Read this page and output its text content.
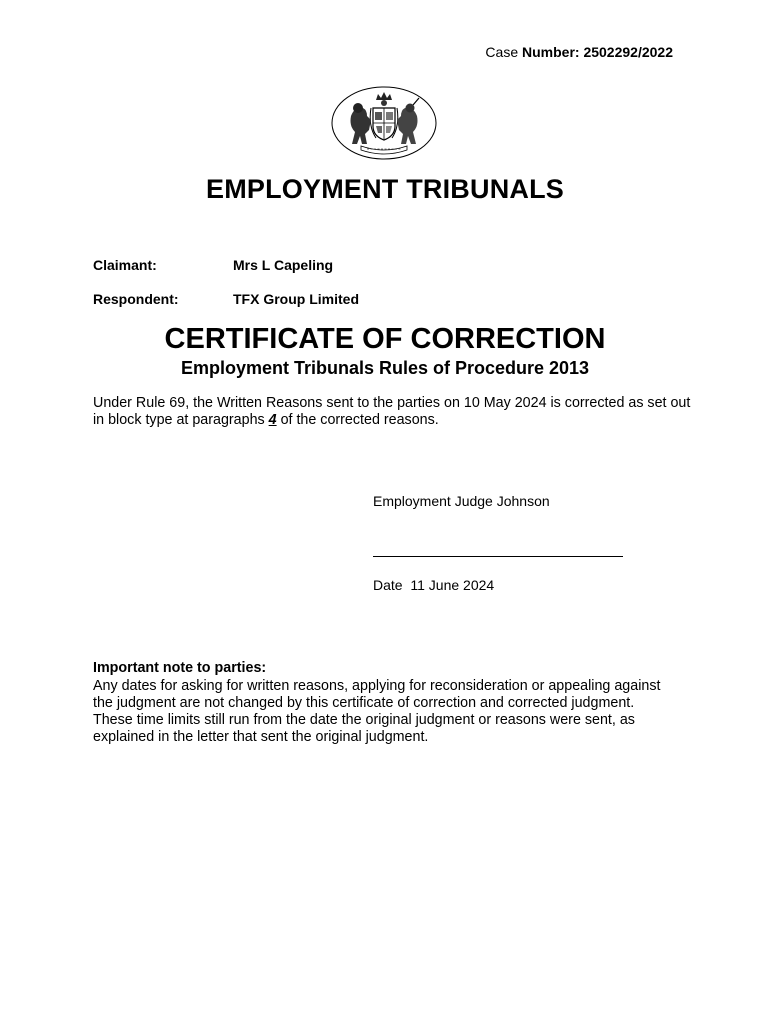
Case Number: 2502292/2022
EMPLOYMENT TRIBUNALS
Claimant:	Mrs L Capeling
Respondent:	TFX Group Limited
CERTIFICATE OF CORRECTION
Employment Tribunals Rules of Procedure 2013
Under Rule 69, the Written Reasons sent to the parties on 10 May 2024 is corrected as set out in block type at paragraphs 4 of the corrected reasons.
Employment Judge Johnson
Date 11 June 2024
Important note to parties:
Any dates for asking for written reasons, applying for reconsideration or appealing against the judgment are not changed by this certificate of correction and corrected judgment. These time limits still run from the date the original judgment or reasons were sent, as explained in the letter that sent the original judgment.
